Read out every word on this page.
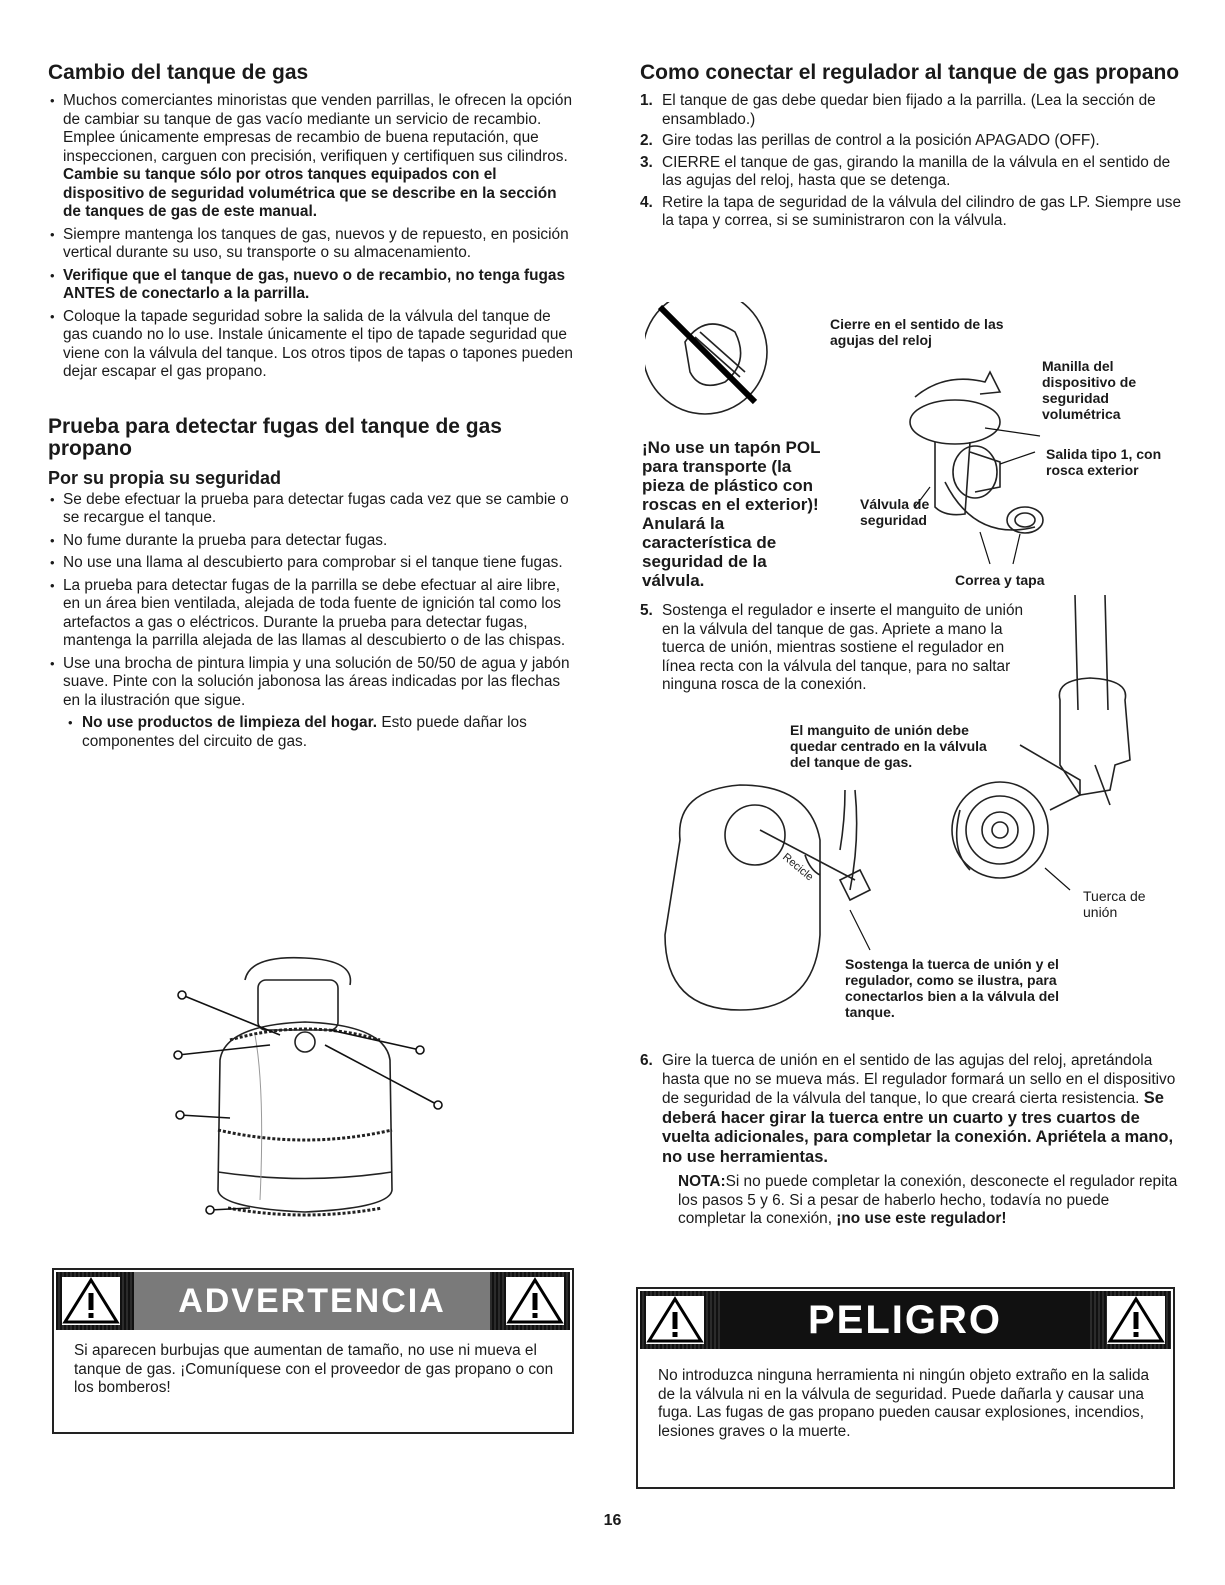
Cambio del tanque de gas
• Muchos comerciantes minoristas que venden parrillas, le ofrecen la opción de cambiar su tanque de gas vacío mediante un servicio de recambio. Emplee únicamente empresas de recambio de buena reputación, que inspeccionen, carguen con precisión, verifiquen y certifiquen sus cilindros. Cambie su tanque sólo por otros tanques equipados con el dispositivo de seguridad volumétrica que se describe en la sección de tanques de gas de este manual.
• Siempre mantenga los tanques de gas, nuevos y de repuesto, en posición vertical durante su uso, su transporte o su almacenamiento.
• Verifique que el tanque de gas, nuevo o de recambio, no tenga fugas ANTES de conectarlo a la parrilla.
• Coloque la tapade seguridad sobre la salida de la válvula del tanque de gas cuando no lo use. Instale únicamente el tipo de tapade seguridad que viene con la válvula del tanque. Los otros tipos de tapas o tapones pueden dejar escapar el gas propano.
Prueba para detectar fugas del tanque de gas propano
Por su propia su seguridad
• Se debe efectuar la prueba para detectar fugas cada vez que se cambie o se recargue el tanque.
• No fume durante la prueba para detectar fugas.
• No use una llama al descubierto para comprobar si el tanque tiene fugas.
• La prueba para detectar fugas de la parrilla se debe efectuar al aire libre, en un área bien ventilada, alejada de toda fuente de ignición tal como los artefactos a gas o eléctricos. Durante la prueba para detectar fugas, mantenga la parrilla alejada de las llamas al descubierto o de las chispas.
• Use una brocha de pintura limpia y una solución de 50/50 de agua y jabón suave. Pinte con la solución jabonosa las áreas indicadas por las flechas en la ilustración que sigue.
• No use productos de limpieza del hogar. Esto puede dañar los componentes del circuito de gas.
ADVERTENCIA
Si aparecen burbujas que aumentan de tamaño, no use ni mueva el tanque de gas. ¡Comuníquese con el proveedor de gas propano o con los bomberos!
Como conectar el regulador al tanque de gas propano
1. El tanque de gas debe quedar bien fijado a la parrilla. (Lea la sección de ensamblado.)
2. Gire todas las perillas de control a la posición APAGADO (OFF).
3. CIERRE el tanque de gas, girando la manilla de la válvula en el sentido de las agujas del reloj, hasta que se detenga.
4. Retire la tapa de seguridad de la válvula del cilindro de gas LP. Siempre use la tapa y correa, si se suministraron con la válvula.
Cierre en el sentido de las agujas del reloj
Manilla del dispositivo de seguridad volumétrica
Salida tipo 1, con rosca exterior
Válvula de seguridad
Correa y tapa
¡No use un tapón POL para transporte (la pieza de plástico con roscas en el exterior)! Anulará la característica de seguridad de la válvula.
5. Sostenga el regulador e inserte el manguito de unión en la válvula del tanque de gas. Apriete a mano la tuerca de unión, mientras sostiene el regulador en línea recta con la válvula del tanque, para no saltar ninguna rosca de la conexión.
El manguito de unión debe quedar centrado en la válvula del tanque de gas.
Recicle
Tuerca de unión
Sostenga la tuerca de unión y el regulador, como se ilustra, para conectarlos bien a la válvula del tanque.
6. Gire la tuerca de unión en el sentido de las agujas del reloj, apretándola hasta que no se mueva más. El regulador formará un sello en el dispositivo de seguridad de la válvula del tanque, lo que creará cierta resistencia. Se deberá hacer girar la tuerca entre un cuarto y tres cuartos de vuelta adicionales, para completar la conexión. Apriétela a mano, no use herramientas.
NOTA:Si no puede completar la conexión, desconecte el regulador repita los pasos 5 y 6. Si a pesar de haberlo hecho, todavía no puede completar la conexión, ¡no use este regulador!
PELIGRO
No introduzca ninguna herramienta ni ningún objeto extraño en la salida de la válvula ni en la válvula de seguridad. Puede dañarla y causar una fuga. Las fugas de gas propano pueden causar explosiones, incendios, lesiones graves o la muerte.
16
